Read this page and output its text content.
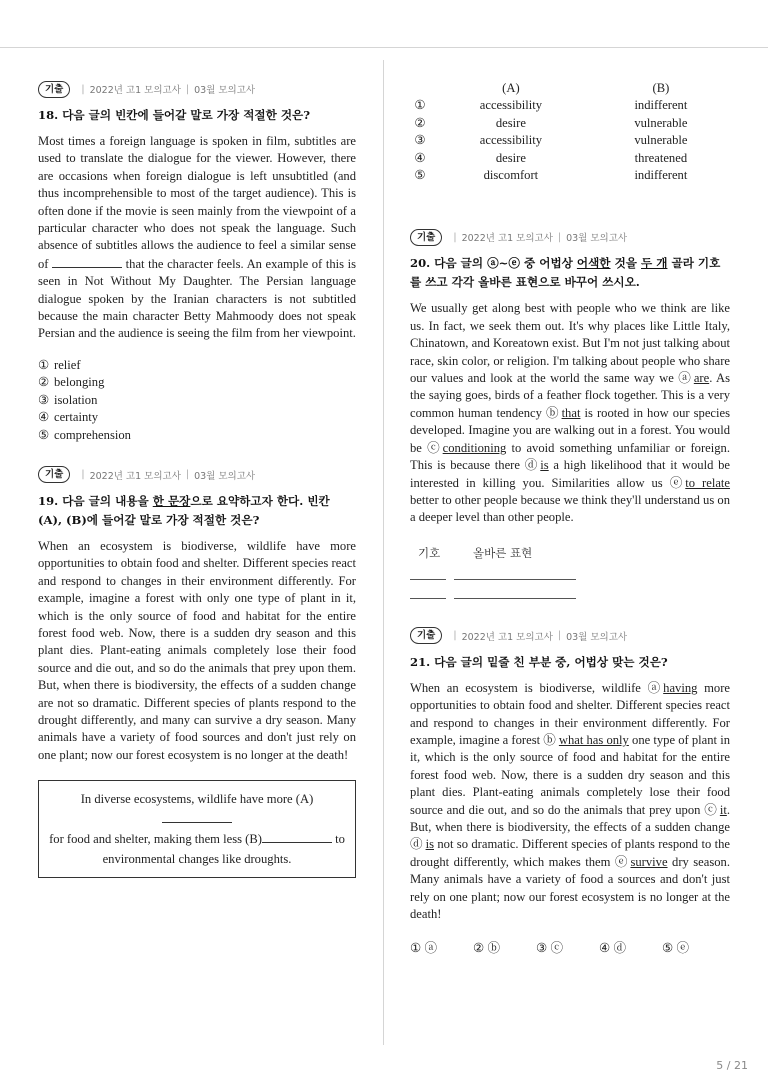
기출	| 2022년 고1 모의고사 | 03월 모의고사
18. 다음 글의 빈칸에 들어갈 말로 가장 적절한 것은?
Most times a foreign language is spoken in film, subtitles are used to translate the dialogue for the viewer. However, there are occasions when foreign dialogue is left unsubtitled (and thus incomprehensible to most of the target audience). This is often done if the movie is seen mainly from the viewpoint of a particular character who does not speak the language. Such absence of subtitles allows the audience to feel a similar sense of	that the character feels. An example of this is seen in Not Without My Daughter. The Persian language dialogue spoken by the Iranian characters is not subtitled because the main character Betty Mahmoody does not speak Persian and the audience is seeing the film from her viewpoint.
① relief
② belonging
③ isolation
④ certainty
⑤ comprehension
기출	| 2022년 고1 모의고사 | 03월 모의고사
19. 다음 글의 내용을 한 문장으로 요약하고자 한다. 빈칸 (A), (B)에 들어갈 말로 가장 적절한 것은?
When an ecosystem is biodiverse, wildlife have more opportunities to obtain food and shelter. Different species react and respond to changes in their environment differently. For example, imagine a forest with only one type of plant in it, which is the only source of food and habitat for the entire forest food web. Now, there is a sudden dry season and this plant dies. Plant-eating animals completely lose their food source and die out, and so do the animals that prey upon them. But, when there is biodiversity, the effects of a sudden change are not so dramatic. Different species of plants respond to the drought differently, and many can survive a dry season. Many animals have a variety of food sources and don't just rely on one plant; now our forest ecosystem is no longer at the death!
In diverse ecosystems, wildlife have more (A)
for food and shelter, making them less (B)	to
environmental changes like droughts.
	(A)	(B)
①	accessibility	indifferent
②	desire	vulnerable
③	accessibility	vulnerable
④	desire	threatened
⑤	discomfort	indifferent
기출	| 2022년 고1 모의고사 | 03월 모의고사
20. 다음 글의 ⓐ~ⓔ 중 어법상 어색한 것을 두 개 골라 기호를 쓰고 각각 올바른 표현으로 바꾸어 쓰시오.
We usually get along best with people who we think are like us. In fact, we seek them out. It's why places like Little Italy, Chinatown, and Koreatown exist. But I'm not just talking about race, skin color, or religion. I'm talking about people who share our values and look at the world the same way we ⓐ are. As the saying goes, birds of a feather flock together. This is a very common human tendency ⓑ that is rooted in how our species developed. Imagine you are walking out in a forest. You would be ⓒ conditioning to avoid something unfamiliar or foreign. This is because there ⓓ is a high likelihood that it would be interested in killing you. Similarities allow us ⓔ to relate better to other people because we think they'll understand us on a deeper level than other people.
기호	올바른 표현
기출	| 2022년 고1 모의고사 | 03월 모의고사
21. 다음 글의 밑줄 친 부분 중, 어법상 맞는 것은?
When an ecosystem is biodiverse, wildlife ⓐ having more opportunities to obtain food and shelter. Different species react and respond to changes in their environment differently. For example, imagine a forest ⓑ what has only one type of plant in it, which is the only source of food and habitat for the entire forest food web. Now, there is a sudden dry season and this plant dies. Plant-eating animals completely lose their food source and die out, and so do the animals that prey upon ⓒ it. But, when there is biodiversity, the effects of a sudden change ⓓ is not so dramatic. Different species of plants respond to the drought differently, which makes them ⓔ survive dry season. Many animals have a variety of food a sources and don't just rely on one plant; now our forest ecosystem is no longer at the death!
① ⓐ	② ⓑ	③ ⓒ	④ ⓓ	⑤ ⓔ
5 / 21
